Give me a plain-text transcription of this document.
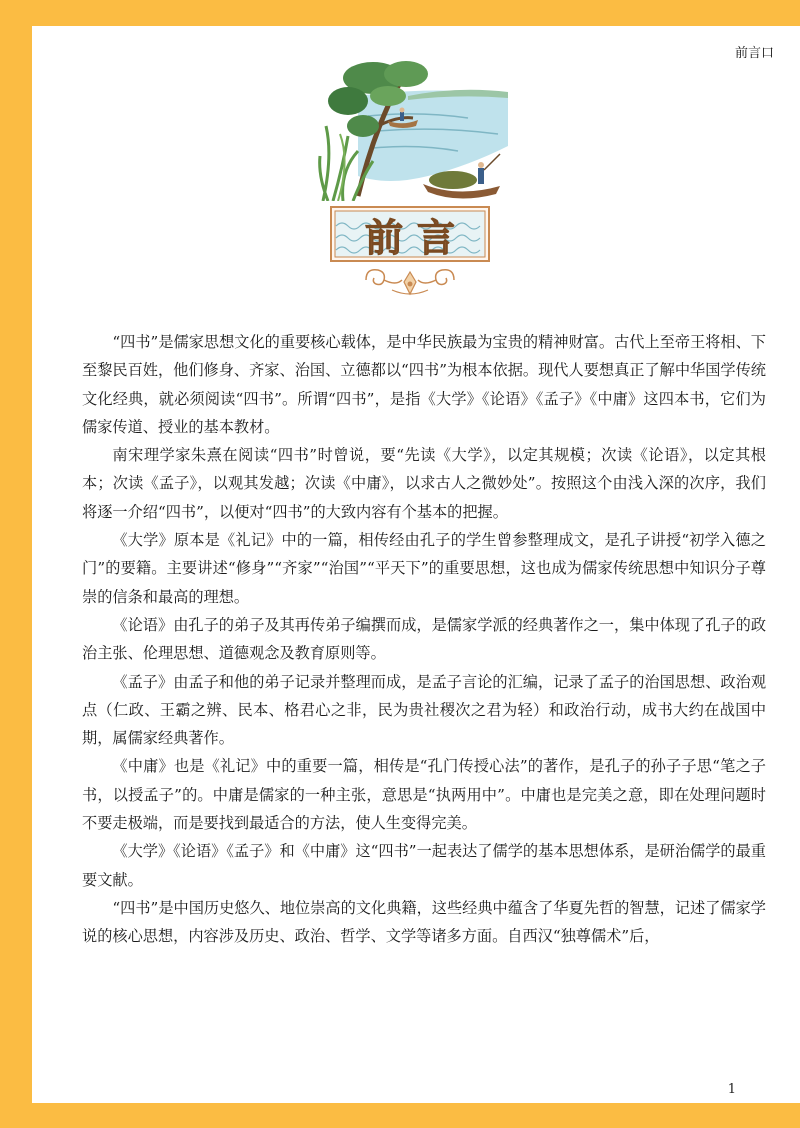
前言口
前言

“四书”是儒家思想文化的重要核心载体，是中华民族最为宝贵的精神财富。古代上至帝王将相、下至黎民百姓，他们修身、齐家、治国、立德都以“四书”为根本依据。现代人要想真正了解中华国学传统文化经典，就必须阅读“四书”。所谓“四书”，是指《大学》《论语》《孟子》《中庸》这四本书，它们为儒家传道、授业的基本教材。

南宋理学家朱熹在阅读“四书”时曾说，要“先读《大学》，以定其规模；次读《论语》，以定其根本；次读《孟子》，以观其发越；次读《中庸》，以求古人之微妙处”。按照这个由浅入深的次序，我们将逐一介绍“四书”，以便对“四书”的大致内容有个基本的把握。

《大学》原本是《礼记》中的一篇，相传经由孔子的学生曾参整理成文，是孔子讲授“初学入德之门”的要籍。主要讲述“修身”“齐家”“治国”“平天下”的重要思想，这也成为儒家传统思想中知识分子尊崇的信条和最高的理想。

《论语》由孔子的弟子及其再传弟子编撰而成，是儒家学派的经典著作之一，集中体现了孔子的政治主张、伦理思想、道德观念及教育原则等。

《孟子》由孟子和他的弟子记录并整理而成，是孟子言论的汇编，记录了孟子的治国思想、政治观点（仁政、王霸之辨、民本、格君心之非，民为贵社稷次之君为轻）和政治行动，成书大约在战国中期，属儒家经典著作。

《中庸》也是《礼记》中的重要一篇，相传是“孔门传授心法”的著作，是孔子的孙子子思“笔之子书，以授孟子”的。中庸是儒家的一种主张，意思是“执两用中”。中庸也是完美之意，即在处理问题时不要走极端，而是要找到最适合的方法，使人生变得完美。

《大学》《论语》《孟子》和《中庸》这“四书”一起表达了儒学的基本思想体系，是研治儒学的最重要文献。

“四书”是中国历史悠久、地位崇高的文化典籍，这些经典中蕴含了华夏先哲的智慧，记述了儒家学说的核心思想，内容涉及历史、政治、哲学、文学等诸多方面。自西汉“独尊儒术”后，

1
